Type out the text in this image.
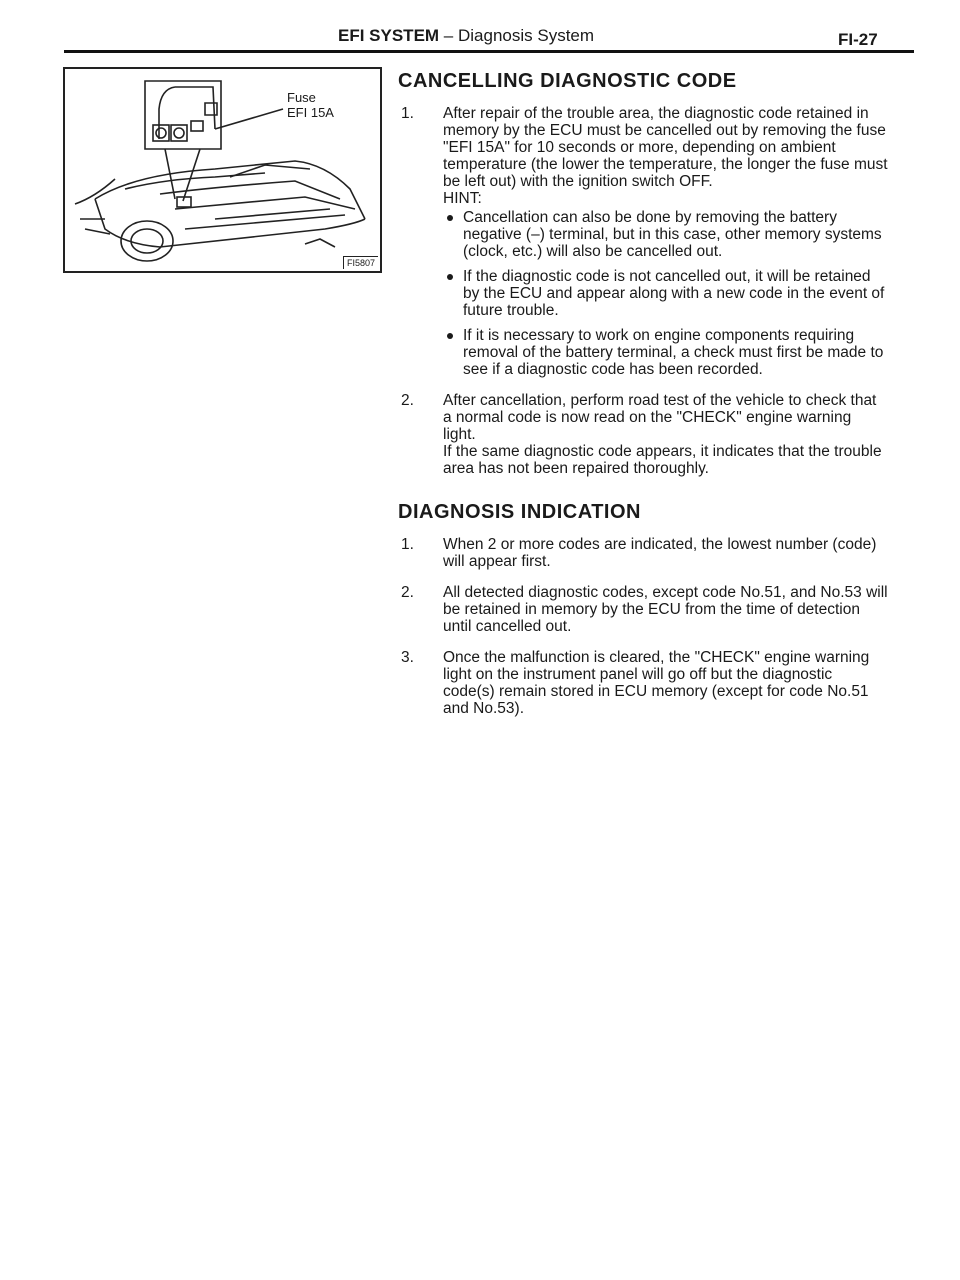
EFI SYSTEM – Diagnosis System	FI-27
Fuse
EFI 15A
FI5807
CANCELLING DIAGNOSTIC CODE
1. After repair of the trouble area, the diagnostic code retained in memory by the ECU must be cancelled out by removing the fuse "EFI 15A" for 10 seconds or more, depending on ambient temperature (the lower the temperature, the longer the fuse must be left out) with the ignition switch OFF.

HINT:

Cancellation can also be done by removing the battery negative (–) terminal, but in this case, other memory systems (clock, etc.) will also be cancelled out.
If the diagnostic code is not cancelled out, it will be retained by the ECU and appear along with a new code in the event of future trouble.
If it is necessary to work on engine components requiring removal of the battery terminal, a check must first be made to see if a diagnostic code has been recorded.
2. After cancellation, perform road test of the vehicle to check that a normal code is now read on the "CHECK" engine warning light.

If the same diagnostic code appears, it indicates that the trouble area has not been repaired thoroughly.

DIAGNOSIS INDICATION
1. When 2 or more codes are indicated, the lowest number (code) will appear first.

2. All detected diagnostic codes, except code No.51, and No.53 will be retained in memory by the ECU from the time of detection until cancelled out.

3. Once the malfunction is cleared, the "CHECK" engine warning light on the instrument panel will go off but the diagnostic code(s) remain stored in ECU memory (except for code No.51 and No.53).
